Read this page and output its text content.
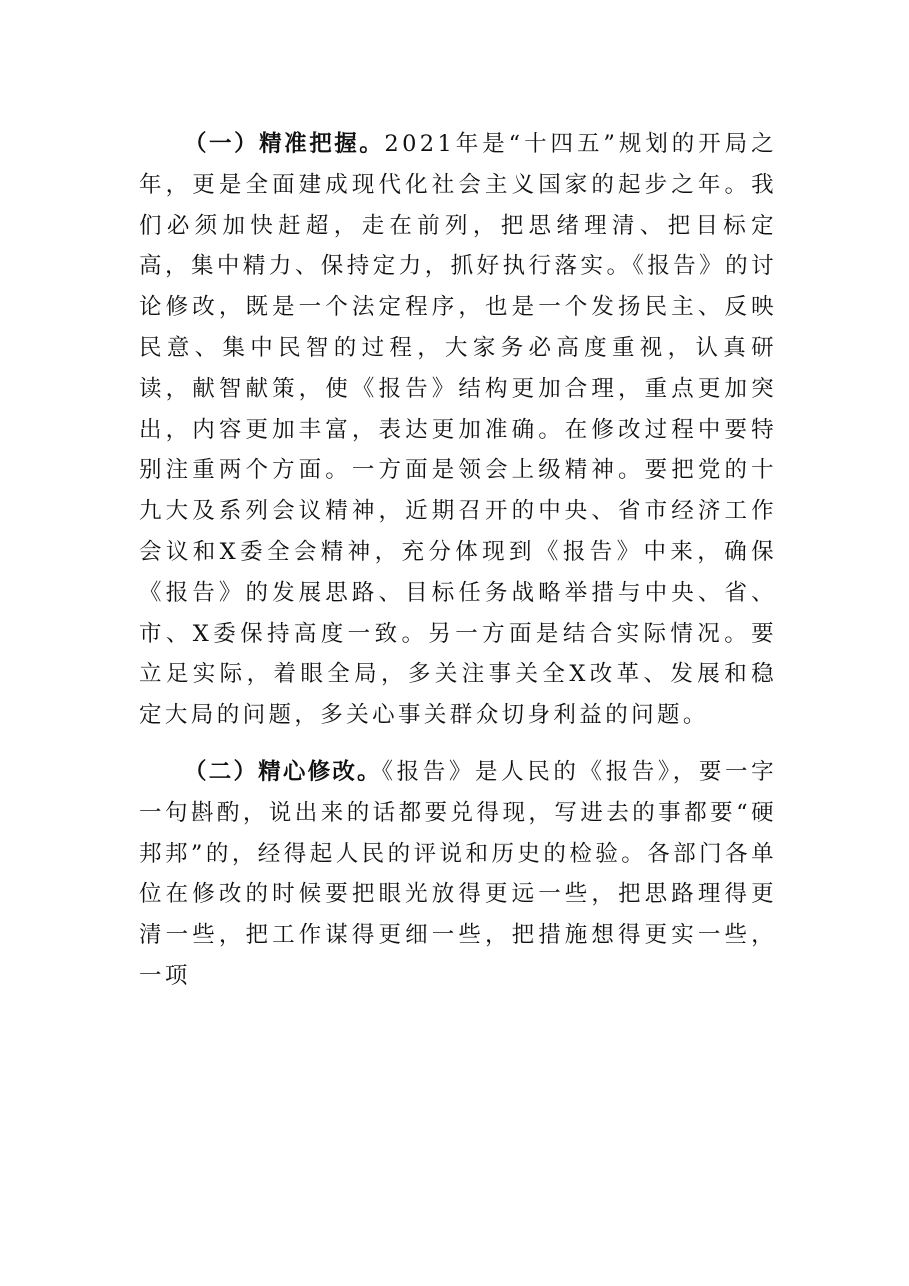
（一）精准把握。2021年是“十四五”规划的开局之年，更是全面建成现代化社会主义国家的起步之年。我们必须加快赶超，走在前列，把思绪理清、把目标定高，集中精力、保持定力，抓好执行落实。《报告》的讨论修改，既是一个法定程序，也是一个发扬民主、反映民意、集中民智的过程，大家务必高度重视，认真研读，献智献策，使《报告》结构更加合理，重点更加突出，内容更加丰富，表达更加准确。在修改过程中要特别注重两个方面。一方面是领会上级精神。要把党的十九大及系列会议精神，近期召开的中央、省市经济工作会议和X委全会精神，充分体现到《报告》中来，确保《报告》的发展思路、目标任务战略举措与中央、省、市、X委保持高度一致。另一方面是结合实际情况。要立足实际，着眼全局，多关注事关全X改革、发展和稳定大局的问题，多关心事关群众切身利益的问题。

（二）精心修改。《报告》是人民的《报告》，要一字一句斟酌，说出来的话都要兑得现，写进去的事都要“硬邦邦”的，经得起人民的评说和历史的检验。各部门各单位在修改的时候要把眼光放得更远一些，把思路理得更清一些，把工作谋得更细一些，把措施想得更实一些，一项
